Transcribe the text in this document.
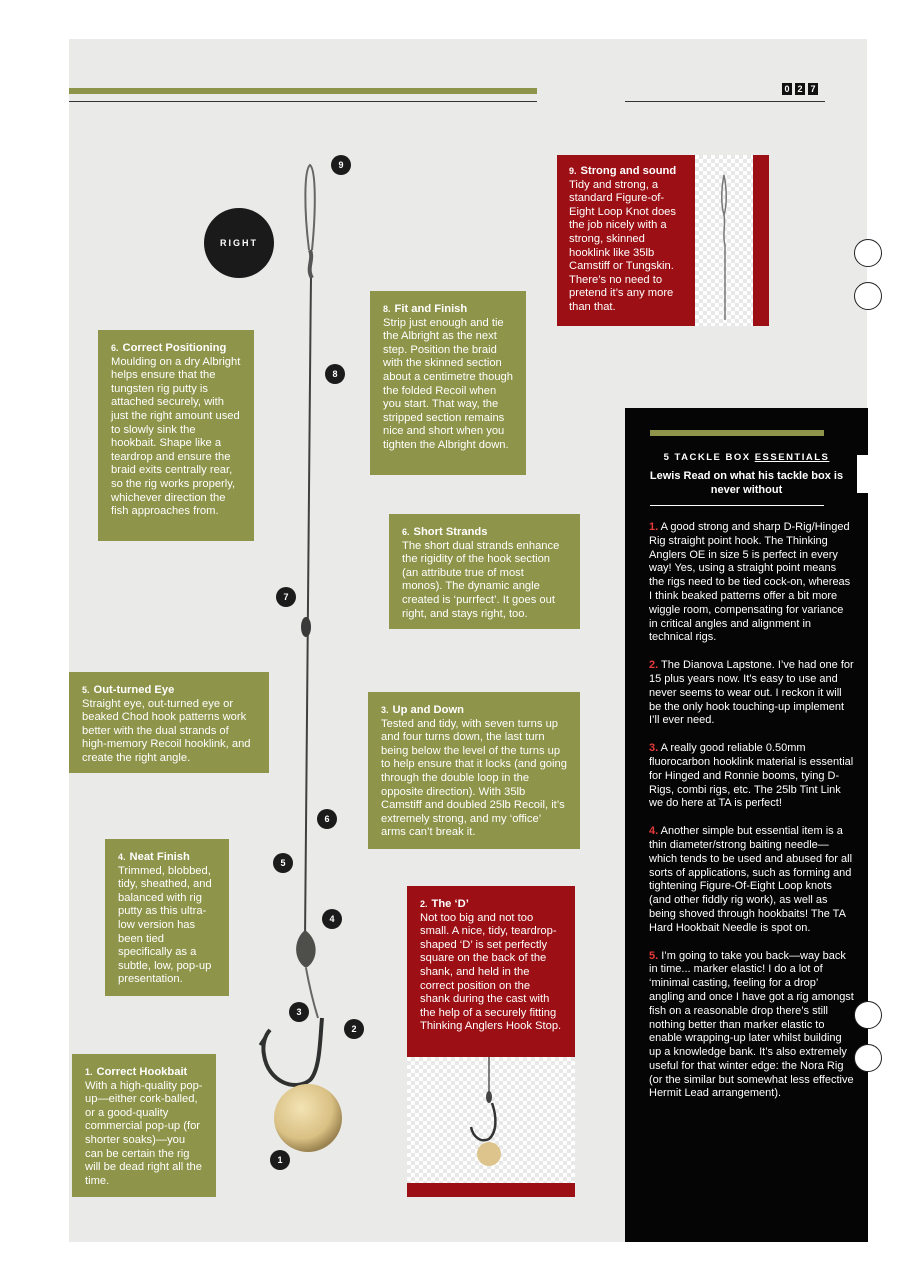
0 2 7
RIGHT
9
8
7
6
5
4
3
2
1
9. Strong and sound
Tidy and strong, a standard Figure-of-Eight Loop Knot does the job nicely with a strong, skinned hooklink like 35lb Camstiff or Tungskin. There’s no need to pretend it’s any more than that.
8. Fit and Finish
Strip just enough and tie the Albright as the next step. Position the braid with the skinned section about a centimetre though the folded Recoil when you start. That way, the stripped section remains nice and short when you tighten the Albright down.
6. Correct Positioning
Moulding on a dry Albright helps ensure that the tungsten rig putty is attached securely, with just the right amount used to slowly sink the hookbait. Shape like a teardrop and ensure the braid exits centrally rear, so the rig works properly, whichever direction the fish approaches from.
6. Short Strands
The short dual strands enhance the rigidity of the hook section (an attribute true of most monos). The dynamic angle created is ‘purrfect’. It goes out right, and stays right, too.
5. Out-turned Eye
Straight eye, out-turned eye or beaked Chod hook patterns work better with the dual strands of high-memory Recoil hooklink, and create the right angle.
3. Up and Down
Tested and tidy, with seven turns up and four turns down, the last turn being below the level of the turns up to help ensure that it locks (and going through the double loop in the opposite direction). With 35lb Camstiff and doubled 25lb Recoil, it’s extremely strong, and my ‘office’ arms can’t break it.
4. Neat Finish
Trimmed, blobbed, tidy, sheathed, and balanced with rig putty as this ultra-low version has been tied specifically as a subtle, low, pop-up presentation.
2. The ‘D’
Not too big and not too small. A nice, tidy, teardrop-shaped ‘D’ is set perfectly square on the back of the shank, and held in the correct position on the shank during the cast with the help of a securely fitting Thinking Anglers Hook Stop.
1. Correct Hookbait
With a high-quality pop-up—either cork-balled, or a good-quality commercial pop-up (for shorter soaks)—you can be certain the rig will be dead right all the time.
5 TACKLE BOX ESSENTIALS
Lewis Read on what his tackle box is never without

1. A good strong and sharp D-Rig/Hinged Rig straight point hook. The Thinking Anglers OE in size 5 is perfect in every way! Yes, using a straight point means the rigs need to be tied cock-on, whereas I think beaked patterns offer a bit more wiggle room, compensating for variance in critical angles and alignment in technical rigs.

2. The Dianova Lapstone. I’ve had one for 15 plus years now. It’s easy to use and never seems to wear out. I reckon it will be the only hook touching-up implement I’ll ever need.

3. A really good reliable 0.50mm fluorocarbon hooklink material is essential for Hinged and Ronnie booms, tying D-Rigs, combi rigs, etc. The 25lb Tint Link we do here at TA is perfect!

4. Another simple but essential item is a thin diameter/strong baiting needle—which tends to be used and abused for all sorts of applications, such as forming and tightening Figure-Of-Eight Loop knots (and other fiddly rig work), as well as being shoved through hookbaits! The TA Hard Hookbait Needle is spot on.

5. I’m going to take you back—way back in time... marker elastic! I do a lot of ‘minimal casting, feeling for a drop’ angling and once I have got a rig amongst fish on a reasonable drop there’s still nothing better than marker elastic to enable wrapping-up later whilst building up a knowledge bank. It’s also extremely useful for that winter edge: the Nora Rig (or the similar but somewhat less effective Hermit Lead arrangement).
